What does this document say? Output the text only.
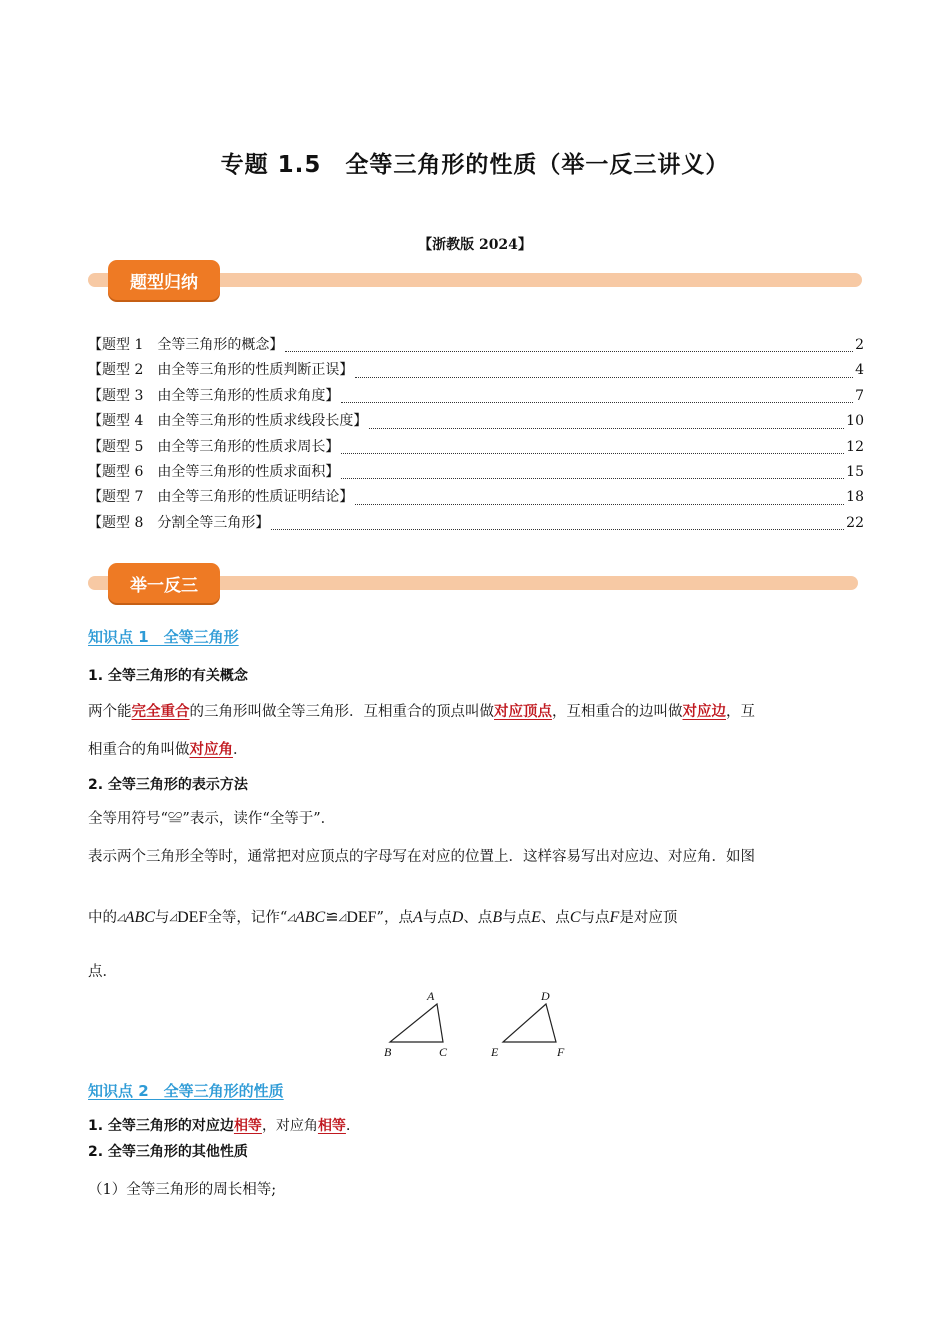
专题 1.5　全等三角形的性质（举一反三讲义）
【浙教版 2024】
题型归纳
【题型 1　全等三角形的概念】	2
【题型 2　由全等三角形的性质判断正误】	4
【题型 3　由全等三角形的性质求角度】	7
【题型 4　由全等三角形的性质求线段长度】	10
【题型 5　由全等三角形的性质求周长】	12
【题型 6　由全等三角形的性质求面积】	15
【题型 7　由全等三角形的性质证明结论】	18
【题型 8　分割全等三角形】	22
举一反三
知识点 1　全等三角形
1. 全等三角形的有关概念
两个能完全重合的三角形叫做全等三角形．互相重合的顶点叫做对应顶点，互相重合的边叫做对应边，互
相重合的角叫做对应角．
2. 全等三角形的表示方法
全等用符号“≌”表示，读作“全等于”．
表示两个三角形全等时，通常把对应顶点的字母写在对应的位置上．这样容易写出对应边、对应角．如图
中的◿ABC与◿DEF全等，记作“◿ABC≌◿DEF”，点A与点D、点B与点E、点C与点F是对应顶
点．
A
B	C
D
E	F
知识点 2　全等三角形的性质
1. 全等三角形的对应边相等，对应角相等．
2. 全等三角形的其他性质
（1）全等三角形的周长相等;
